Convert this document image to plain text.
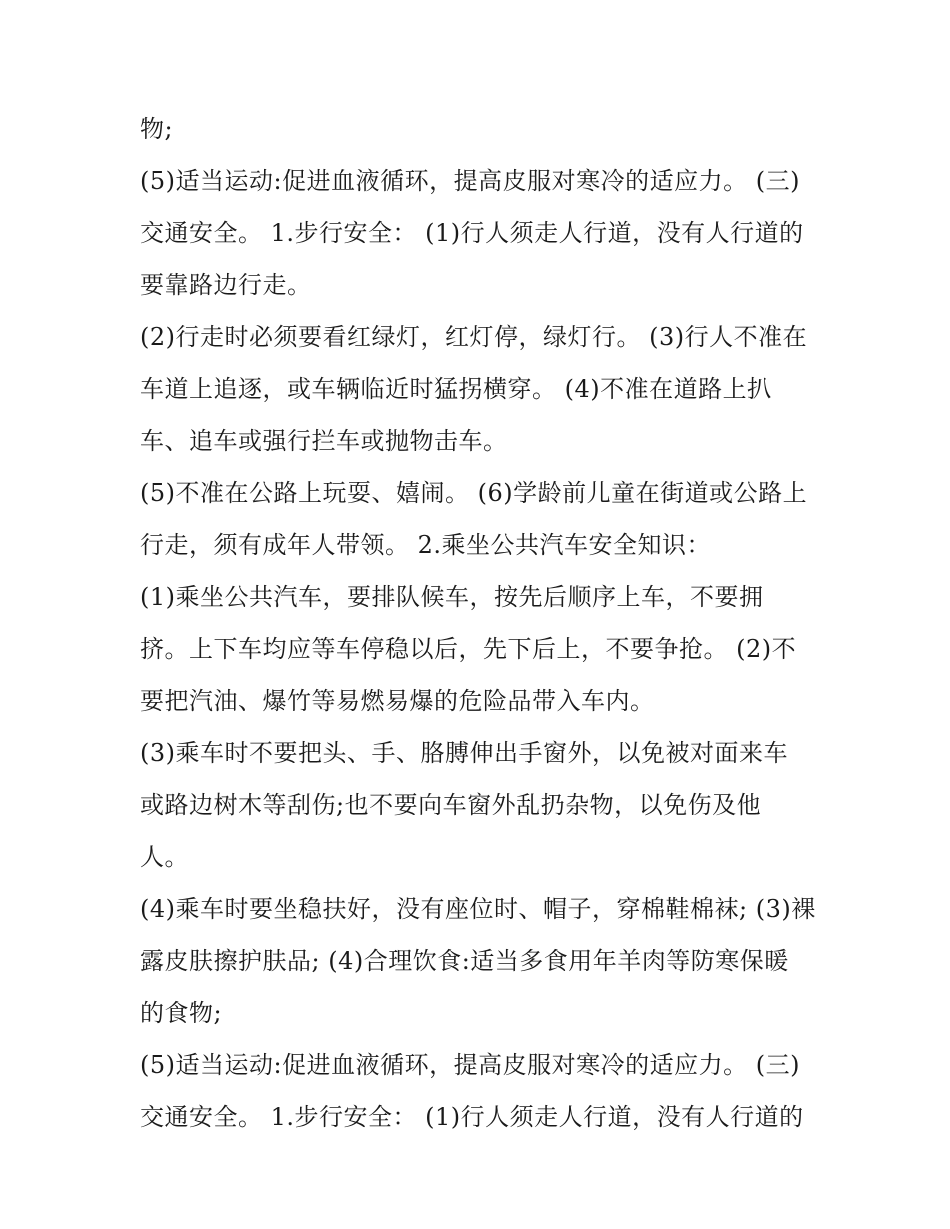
物;
(5)适当运动:促进血液循环，提高皮服对寒冷的适应力。 (三)
交通安全。 1.步行安全： (1)行人须走人行道，没有人行道的
要靠路边行走。
(2)行走时必须要看红绿灯，红灯停，绿灯行。 (3)行人不准在
车道上追逐，或车辆临近时猛拐横穿。 (4)不准在道路上扒
车、追车或强行拦车或抛物击车。
(5)不准在公路上玩耍、嬉闹。 (6)学龄前儿童在街道或公路上
行走，须有成年人带领。 2.乘坐公共汽车安全知识：
(1)乘坐公共汽车，要排队候车，按先后顺序上车，不要拥
挤。上下车均应等车停稳以后，先下后上，不要争抢。 (2)不
要把汽油、爆竹等易燃易爆的危险品带入车内。
(3)乘车时不要把头、手、胳膊伸出手窗外，以免被对面来车
或路边树木等刮伤;也不要向车窗外乱扔杂物，以免伤及他
人。
(4)乘车时要坐稳扶好，没有座位时、帽子，穿棉鞋棉袜; (3)裸
露皮肤擦护肤品; (4)合理饮食:适当多食用年羊肉等防寒保暖
的食物;
(5)适当运动:促进血液循环，提高皮服对寒冷的适应力。 (三)
交通安全。 1.步行安全： (1)行人须走人行道，没有人行道的
